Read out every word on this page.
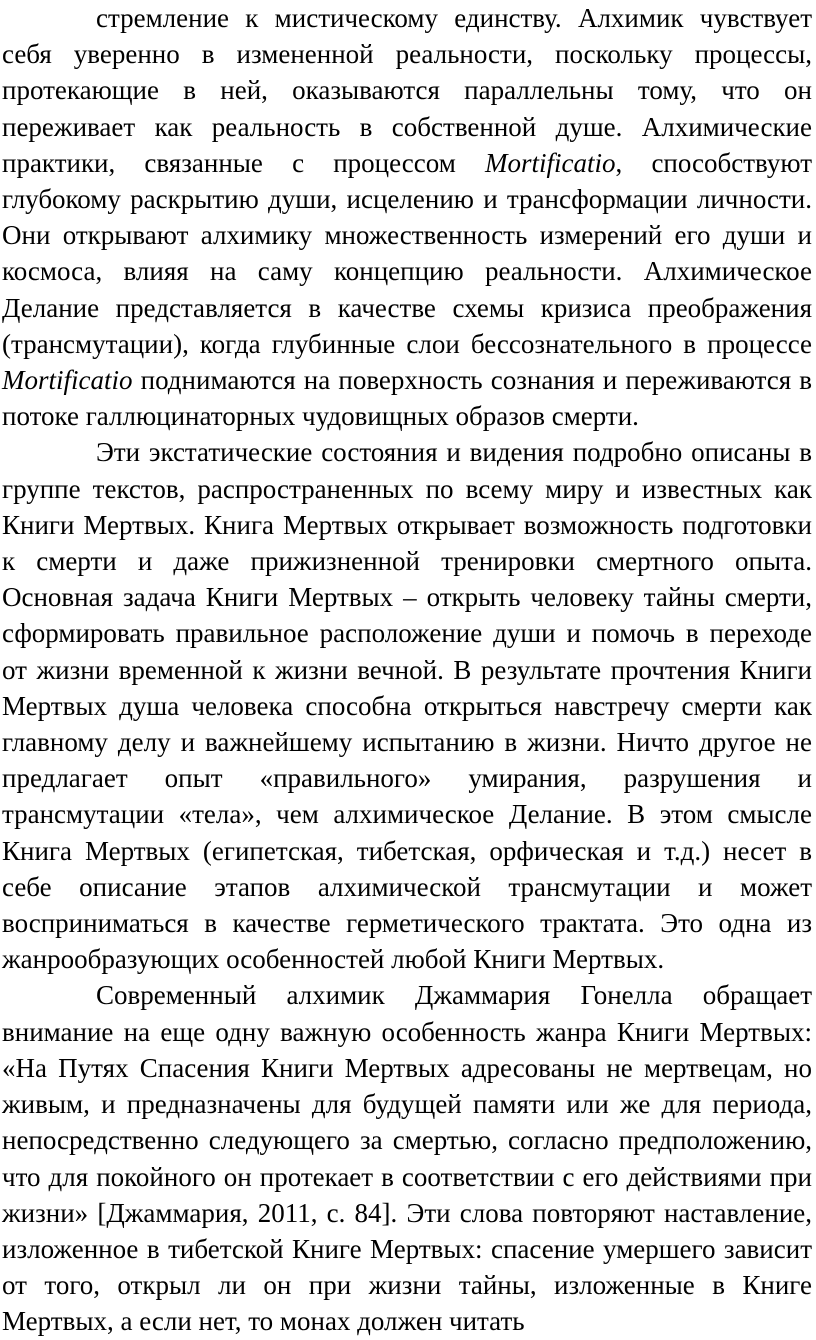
стремление к мистическому единству. Алхимик чувствует себя уверенно в измененной реальности, поскольку процессы, протекающие в ней, оказываются параллельны тому, что он переживает как реальность в собственной душе. Алхимические практики, связанные с процессом Mortificatio, способствуют глубокому раскрытию души, исцелению и трансформации личности. Они открывают алхимику множественность измерений его души и космоса, влияя на саму концепцию реальности. Алхимическое Делание представляется в качестве схемы кризиса преображения (трансмутации), когда глубинные слои бессознательного в процессе Mortificatio поднимаются на поверхность сознания и переживаются в потоке галлюцинаторных чудовищных образов смерти.

Эти экстатические состояния и видения подробно описаны в группе текстов, распространенных по всему миру и известных как Книги Мертвых. Книга Мертвых открывает возможность подготовки к смерти и даже прижизненной тренировки смертного опыта. Основная задача Книги Мертвых – открыть человеку тайны смерти, сформировать правильное расположение души и помочь в переходе от жизни временной к жизни вечной. В результате прочтения Книги Мертвых душа человека способна открыться навстречу смерти как главному делу и важнейшему испытанию в жизни. Ничто другое не предлагает опыт «правильного» умирания, разрушения и трансмутации «тела», чем алхимическое Делание. В этом смысле Книга Мертвых (египетская, тибетская, орфическая и т.д.) несет в себе описание этапов алхимической трансмутации и может восприниматься в качестве герметического трактата. Это одна из жанрообразующих особенностей любой Книги Мертвых.

Современный алхимик Джаммария Гонелла обращает внимание на еще одну важную особенность жанра Книги Мертвых: «На Путях Спасения Книги Мертвых адресованы не мертвецам, но живым, и предназначены для будущей памяти или же для периода, непосредственно следующего за смертью, согласно предположению, что для покойного он протекает в соответствии с его действиями при жизни» [Джаммария, 2011, с. 84]. Эти слова повторяют наставление, изложенное в тибетской Книге Мертвых: спасение умершего зависит от того, открыл ли он при жизни тайны, изложенные в Книге Мертвых, а если нет, то монах должен читать
